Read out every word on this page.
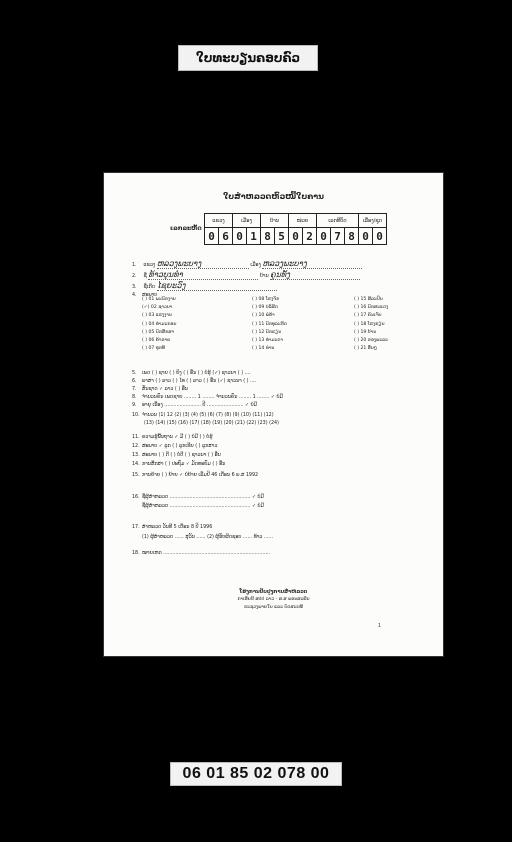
ໃບທະບຽນຄອບຄົວ
ໃບສຳຫລວດຫົວໜີ້ໃບຄານ
ເລກລະຫັດ
ແຂວງ		ເມືອງ		ບ້ານ		ໜ່ວຍ		ເລກທີບັດ			ເລື່ອງ/ຊຸດ	
0	6	0	1	8	5	0	2	0	7	8	0	0
1. ແຂວງ ຫລວງພະບາງ	ເມືອງ ຫລວງພະບາງ
2. ຊື່ ທ້າວບຸນທຳ	ບ້ານ ຄູນທັງ
3. ຊື່ເກີດ ໄຊຍະວົງ
4. ສະພາບ
( ) 01 ພະນັກງານ
(✓) 02 ຊາວນາ
( ) 03 ແຮງງານ
( ) 04 ທຳມະກອນ
( ) 05 ນັກສຶກສາ
( ) 06 ຄ້າຂາຍ
( ) 07 ທຸກທີ
( ) 08 ໂຮງຈັກ
( ) 09 ບໍລິສັດ
( ) 10 ພໍ່ຄ້າ
( ) 11 ນັກທຸລະກິດ
( ) 12 ນັກຮຽນ
( ) 13 ທຳມະດາ
( ) 14 ທ່ານ
( ) 15 ສິລະປິນ
( ) 16 ນັກສະແດງ
( ) 17 ຄົນເຈັບ
( ) 18 ໂຮງຮຽນ
( ) 19 ບ້ານ
( ) 20 ຂອງພະລະ
( ) 21 ອື່ນໆ
5. ເພດ ( ) ຊາຍ ( ) ຍິງ ( ) ອື່ນ ( ) ບໍ່ຮູ້ (✓) ຊາວນາ ( ) ....
6. ພາສາ ( ) ລາວ ( ) ໄທ ( ) ລາວ ( ) ອື່ນ (✓) ຊາວນາ ( ) ....
7. ສັນຊາດ ✓ ລາວ ( ) ອື່ນ
8. ຈຳນວນຄົນ ເພດຊາຍ ........ 1 ........ ຈຳນວນຄົນ ........ 1 ........ ✓ ບໍ່ມີ
9. ອາຍຸ ເນື່ອງ ........................ ປີ ........................ ✓ ບໍ່ມີ
10. ຈຳນວນ (1) 12 (2) (3) (4) (5) (6) (7) (8) (9) (10) (11) (12)
(13) (14) (15) (16) (17) (18) (19) (20) (21) (22) (23) (24)
11. ຄວາມຮູ້ພື້ນຖານ ✓ ມີ ( ) ບໍ່ມີ ( ) ບໍ່ຮູ້
12. ສະພາບ ✓ ລູກ ( ) ລູກເຂີຍ ( ) ລູກສາວ
13. ສະພາບ ( ) ດີ ( ) ບໍ່ດີ ( ) ຊາວນາ ( ) ອື່ນ
14. ການສຶກສາ ( ) ປະຖົມ ✓ ມັດທະຍົມ ( ) ອື່ນ
15. ການຍ້າຍ ( ) ຍ້າຍ ✓ ບໍ່ຍ້າຍ ເລີ່ມປີ 46 ເດືອນ 6 ພ.ສ 1992
16. ຊື່ຜູ້ສຳຫລວດ ..................................................... ✓ ບໍ່ມີ
ຊື່ຜູ້ສຳຫລວດ ..................................................... ✓ ບໍ່ມີ
17. ສຳຫລວດ ວັນທີ 5 ເດືອນ 8 ປີ 1996
(1) ຜູ້ສຳຫລວດ ...... ສຸວັນ ...... (2) ຜູ້ຮັບຜິດຊອບ ...... ທ້າວ ......
18. ໝາຍເຫດ ......................................................................
ໂຮງການປັບປຸງການສຳຫລວດ
ກາເອີຍນີ ສປປ ລາວ - ສ.ສ ພອນສະພີນ
ກະຊວງພາຍໃນ ແລະ ບົດສະເໜີ
1
06 01 85 02 078 00
